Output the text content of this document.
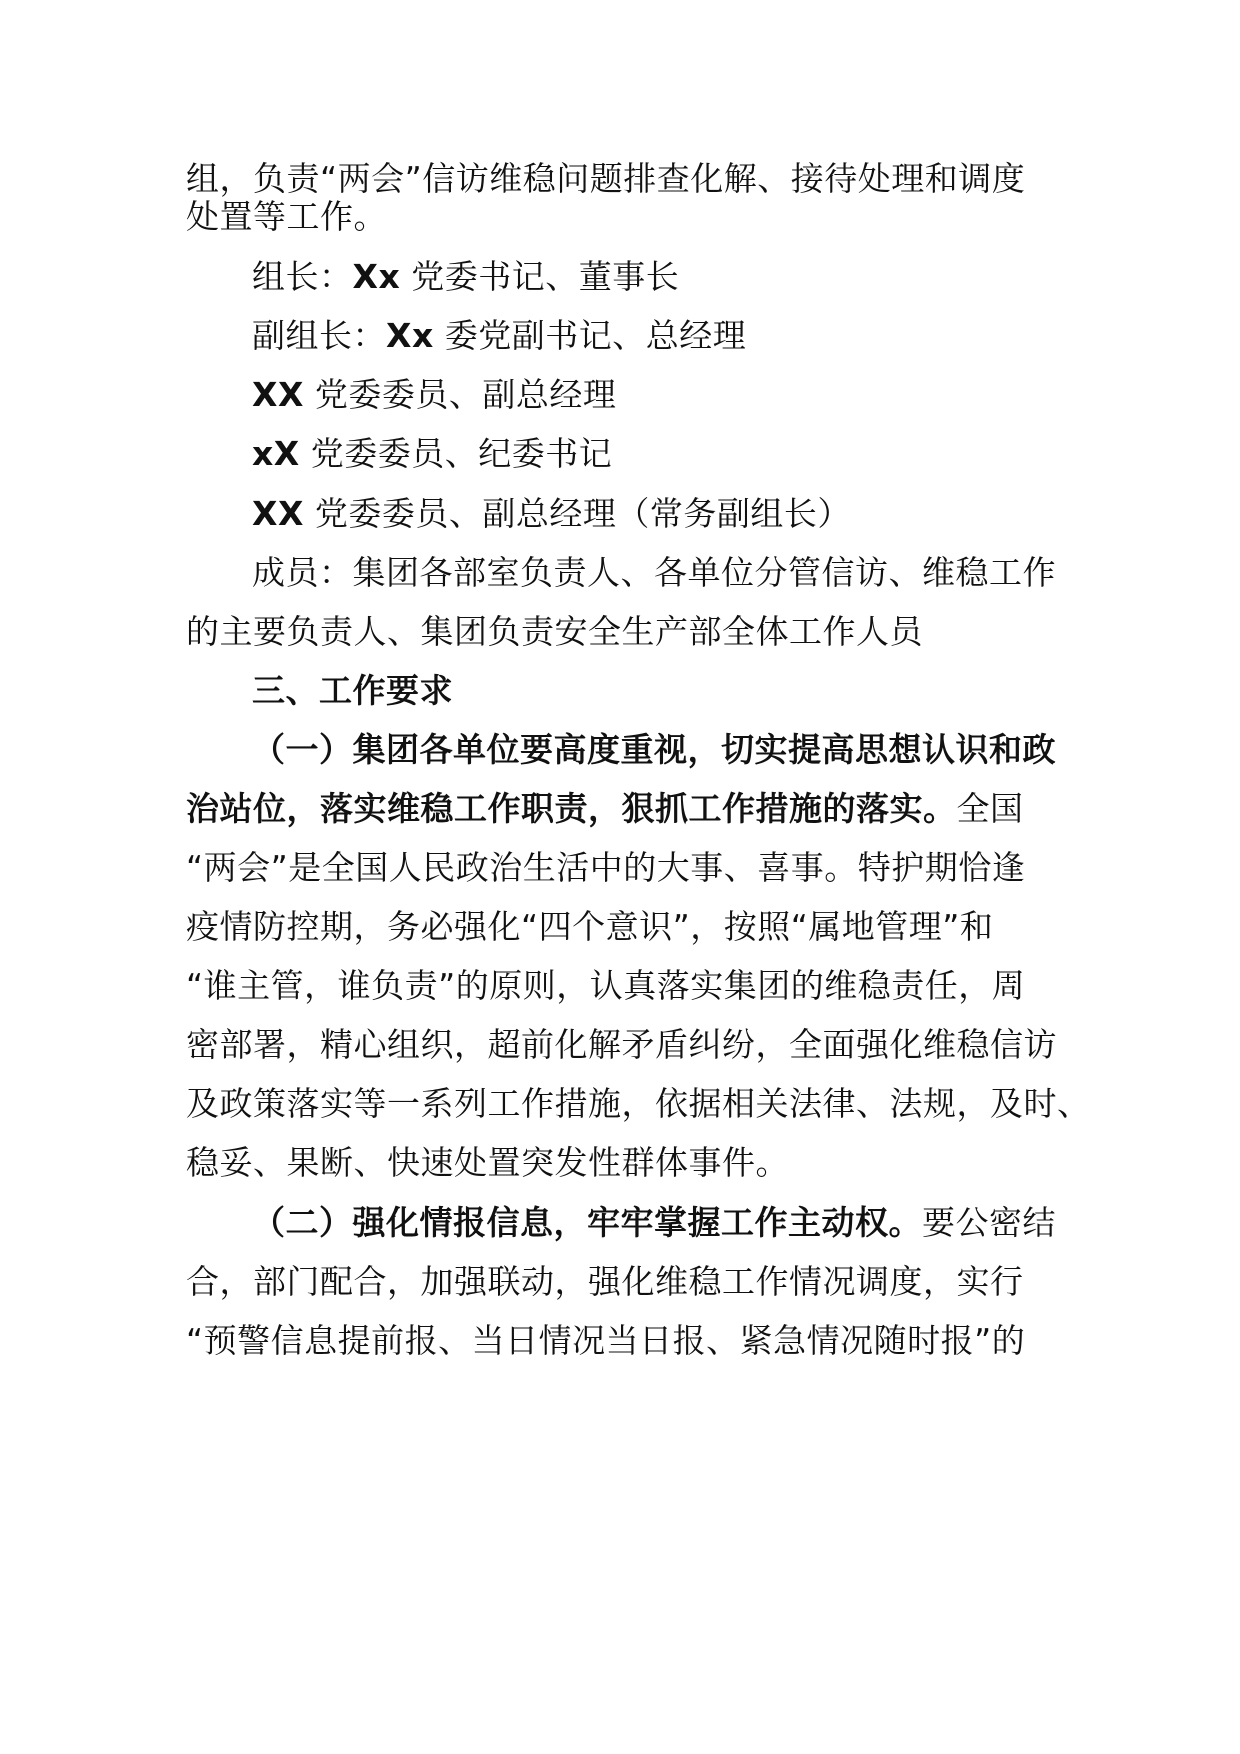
组，负责“两会”信访维稳问题排查化解、接待处理和调度
处置等工作。
组长：Xx 党委书记、董事长
副组长：Xx 委党副书记、总经理
XX 党委委员、副总经理
xX 党委委员、纪委书记
XX 党委委员、副总经理（常务副组长）
成员：集团各部室负责人、各单位分管信访、维稳工作
的主要负责人、集团负责安全生产部全体工作人员
三、工作要求
（一）集团各单位要高度重视，切实提高思想认识和政
治站位，落实维稳工作职责，狠抓工作措施的落实。全国
“两会”是全国人民政治生活中的大事、喜事。特护期恰逢
疫情防控期，务必强化“四个意识”，按照“属地管理”和
“谁主管，谁负责”的原则，认真落实集团的维稳责任，周
密部署，精心组织，超前化解矛盾纠纷，全面强化维稳信访
及政策落实等一系列工作措施，依据相关法律、法规，及时、
稳妥、果断、快速处置突发性群体事件。
（二）强化情报信息，牢牢掌握工作主动权。要公密结
合，部门配合，加强联动，强化维稳工作情况调度，实行
“预警信息提前报、当日情况当日报、紧急情况随时报”的
